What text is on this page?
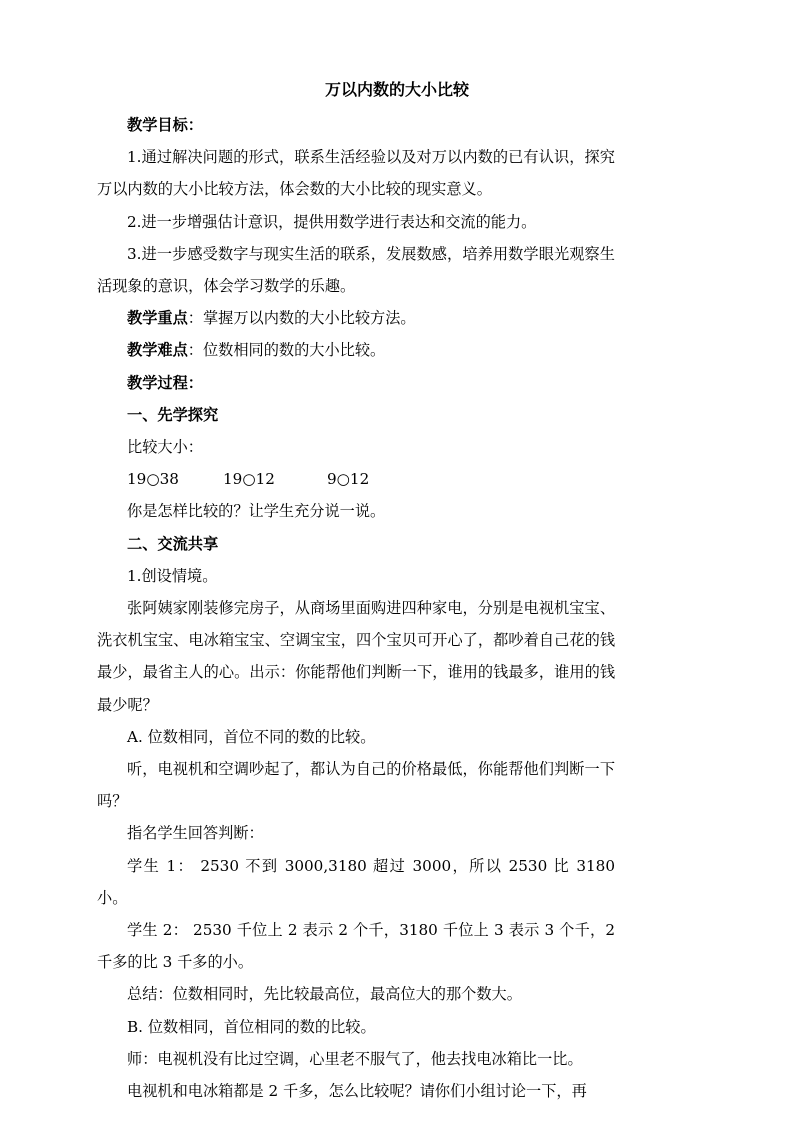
万以内数的大小比较

教学目标：

1.通过解决问题的形式，联系生活经验以及对万以内数的已有认识，探究万以内数的大小比较方法，体会数的大小比较的现实意义。

2.进一步增强估计意识，提供用数学进行表达和交流的能力。

3.进一步感受数字与现实生活的联系，发展数感，培养用数学眼光观察生活现象的意识，体会学习数学的乐趣。

教学重点：掌握万以内数的大小比较方法。

教学难点：位数相同的数的大小比较。

教学过程：

一、先学探究

比较大小：

19○38	19○12	9○12

你是怎样比较的？让学生充分说一说。

二、交流共享

1.创设情境。

张阿姨家刚装修完房子，从商场里面购进四种家电，分别是电视机宝宝、洗衣机宝宝、电冰箱宝宝、空调宝宝，四个宝贝可开心了，都吵着自己花的钱最少，最省主人的心。出示：你能帮他们判断一下，谁用的钱最多，谁用的钱最少呢？

A. 位数相同，首位不同的数的比较。

听，电视机和空调吵起了，都认为自己的价格最低，你能帮他们判断一下吗？

指名学生回答判断：

学生 1： 2530 不到 3000,3180 超过 3000，所以 2530 比 3180 小。

学生 2： 2530 千位上 2 表示 2 个千，3180 千位上 3 表示 3 个千，2 千多的比 3 千多的小。

总结：位数相同时，先比较最高位，最高位大的那个数大。

B. 位数相同，首位相同的数的比较。

师：电视机没有比过空调，心里老不服气了，他去找电冰箱比一比。

电视机和电冰箱都是 2 千多，怎么比较呢？请你们小组讨论一下，再
